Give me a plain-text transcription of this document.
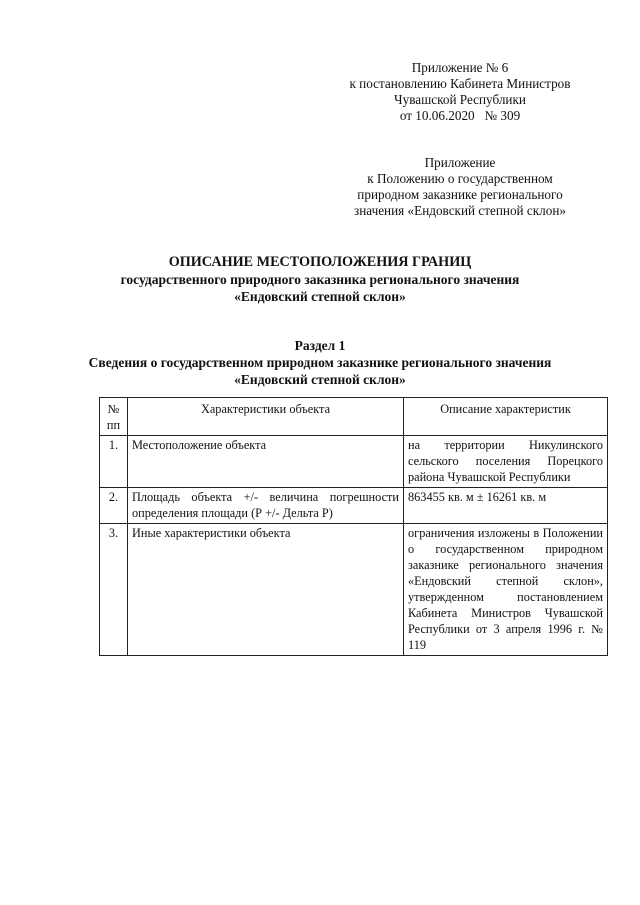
Приложение № 6
к постановлению Кабинета Министров
Чувашской Республики
от 10.06.2020   № 309
Приложение
к Положению о государственном
природном заказнике регионального
значения «Ендовский степной склон»
ОПИСАНИЕ МЕСТОПОЛОЖЕНИЯ ГРАНИЦ
государственного природного заказника регионального значения
«Ендовский степной склон»
Раздел 1
Сведения о государственном природном заказнике регионального значения
«Ендовский степной склон»
№ пп	Характеристики объекта	Описание характеристик
1.	Местоположение объекта	на территории Никулинского сельского поселения Порецкого района Чувашской Республики
2.	Площадь объекта +/- величина погрешности определения площади (Р +/- Дельта Р)	863455 кв. м ± 16261 кв. м
3.	Иные характеристики объекта	ограничения изложены в Положении о государственном природном заказнике регионального значения «Ендовский степной склон», утвержденном постановлением Кабинета Министров Чувашской Республики от 3 апреля 1996 г. № 119
